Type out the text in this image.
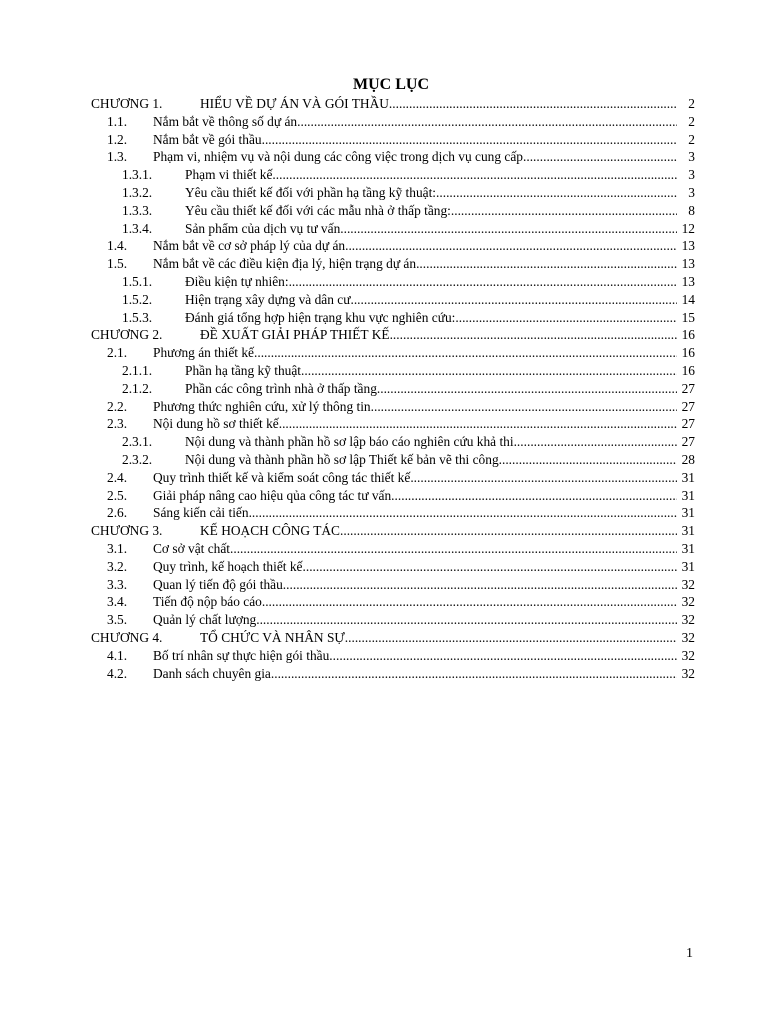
MỤC LỤC
CHƯƠNG 1.	HIỂU VỀ DỰ ÁN VÀ GÓI THẦU .....	2
1.1. Nắm bắt về thông số dự án .....	2
1.2. Nắm bắt về gói thầu .....	2
1.3. Phạm vi, nhiệm vụ và nội dung các công việc trong dịch vụ cung cấp .....	3
1.3.1. Phạm vi thiết kế .....	3
1.3.2. Yêu cầu thiết kế đối với phần hạ tầng kỹ thuật: .....	3
1.3.3. Yêu cầu thiết kế đối với các mẫu nhà ở thấp tầng: .....	8
1.3.4. Sản phẩm của dịch vụ tư vấn .....	12
1.4. Nắm bắt về cơ sở pháp lý của dự án .....	13
1.5. Nắm bắt về các điều kiện địa lý, hiện trạng dự án .....	13
1.5.1. Điều kiện tự nhiên: .....	13
1.5.2. Hiện trạng xây dựng và dân cư .....	14
1.5.3. Đánh giá tổng hợp hiện trạng khu vực nghiên cứu: .....	15
CHƯƠNG 2.	ĐỀ XUẤT GIẢI PHÁP THIẾT KẾ .....	16
2.1. Phương án thiết kế .....	16
2.1.1. Phần hạ tầng kỹ thuật .....	16
2.1.2. Phần các công trình nhà ở thấp tầng .....	27
2.2. Phương thức nghiên cứu, xử lý thông tin .....	27
2.3. Nội dung hồ sơ thiết kế .....	27
2.3.1. Nội dung và thành phần hồ sơ lập báo cáo nghiên cứu khả thi .....	27
2.3.2. Nội dung và thành phần hồ sơ lập Thiết kế bản vẽ thi công .....	28
2.4. Quy trình thiết kế và kiểm soát công tác thiết kế .....	31
2.5. Giải pháp nâng cao hiệu qủa công tác tư vấn .....	31
2.6. Sáng kiến cải tiến .....	31
CHƯƠNG 3.	KẾ HOẠCH CÔNG TÁC .....	31
3.1. Cơ sở vật chất .....	31
3.2. Quy trình, kế hoạch thiết kế .....	31
3.3. Quan lý tiến độ gói thầu .....	32
3.4. Tiến độ nộp báo cáo .....	32
3.5. Quản lý chất lượng .....	32
CHƯƠNG 4.	TỔ CHỨC VÀ NHÂN SỰ .....	32
4.1. Bố trí nhân sự thực hiện gói thầu .....	32
4.2. Danh sách chuyên gia .....	32
1
